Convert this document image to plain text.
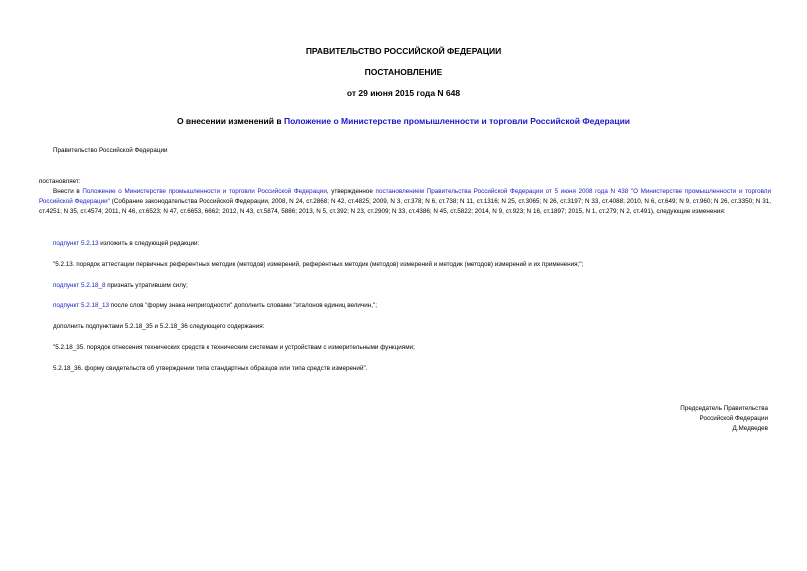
ПРАВИТЕЛЬСТВО РОССИЙСКОЙ ФЕДЕРАЦИИ
ПОСТАНОВЛЕНИЕ
от 29 июня 2015 года N 648
О внесении изменений в Положение о Министерстве промышленности и торговли Российской Федерации
Правительство Российской Федерации
постановляет:
Внести в Положение о Министерстве промышленности и торговли Российской Федерации, утвержденное постановлением Правительства Российской Федерации от 5 июня 2008 года N 438 "О Министерстве промышленности и торговли Российской Федерации" (Собрание законодательства Российской Федерации, 2008, N 24, ст.2868; N 42, ст.4825; 2009, N 3, ст.378; N 6, ст.738; N 11, ст.1316; N 25, ст.3065; N 26, ст.3197; N 33, ст.4088; 2010, N 6, ст.649; N 9, ст.960; N 26, ст.3350; N 31, ст.4251; N 35, ст.4574; 2011, N 46, ст.6523; N 47, ст.6653, 6662; 2012, N 43, ст.5874, 5886; 2013, N 5, ст.392; N 23, ст.2909; N 33, ст.4386; N 45, ст.5822; 2014, N 9, ст.923; N 16, ст.1897; 2015, N 1, ст.279; N 2, ст.491), следующие изменения:
подпункт 5.2.13 изложить в следующей редакции:
"5.2.13. порядок аттестации первичных референтных методик (методов) измерений, референтных методик (методов) измерений и методик (методов) измерений и их применения;";
подпункт 5.2.18_8 признать утратившим силу;
подпункт 5.2.18_13 после слов "форму знака непригодности" дополнить словами "эталонов единиц величин,";
дополнить подпунктами 5.2.18_35 и 5.2.18_36 следующего содержания:
"5.2.18_35. порядок отнесения технических средств к техническим системам и устройствам с измерительными функциями;
5.2.18_36. форму свидетельств об утверждении типа стандартных образцов или типа средств измерений".
Председатель Правительства
Российской Федерации
Д.Медведев
